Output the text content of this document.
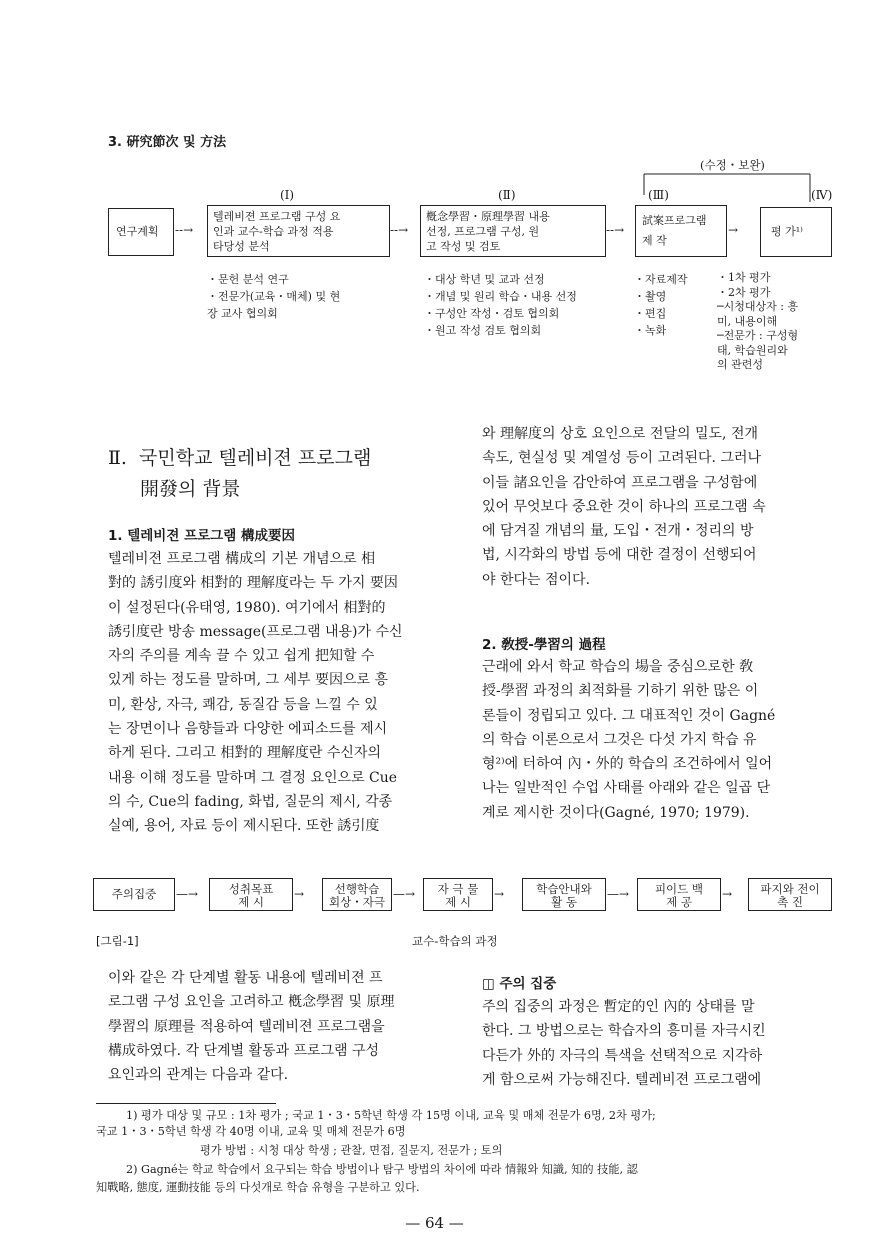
3. 硏究節次 및 方法
(수정・보완)
연구계획	--→
(Ⅰ)
텔레비젼 프로그램 구성 요
인과 교수-학습 과정 적용
타당성 분석
--→
(Ⅱ)
槪念學習・原理學習 내용
선정, 프로그램 구성, 원
고 작성 및 검토
--→
(Ⅲ)
試案프로그램
제 작
→
(Ⅳ)
평 가¹⁾
・문헌 분석 연구
・전문가(교육・매체) 및 현
장 교사 협의회
・대상 학년 및 교과 선정
・개념 및 원리 학습・내용 선정
・구성안 작성・검토 협의회
・원고 작성 검토 협의회
・자료제작
・촬영
・편집
・녹화
・1차 평가
・2차 평가
─시청대상자 : 흥
미, 내용이해
─전문가 : 구성형
태, 학습원리와
의 관련성
Ⅱ. 국민학교 텔레비젼 프로그램
開發의 背景
1. 텔레비젼 프로그램 構成要因
텔레비젼 프로그램 構成의 기본 개념으로 相
對的 誘引度와 相對的 理解度라는 두 가지 要因
이 설정된다(유태영, 1980). 여기에서 相對的
誘引度란 방송 message(프로그램 내용)가 수신
자의 주의를 계속 끌 수 있고 쉽게 把知할 수
있게 하는 정도를 말하며, 그 세부 要因으로 흥
미, 환상, 자극, 쾌감, 동질감 등을 느낄 수 있
는 장면이나 음향들과 다양한 에피소드를 제시
하게 된다. 그리고 相對的 理解度란 수신자의
내용 이해 정도를 말하며 그 결정 요인으로 Cue
의 수, Cue의 fading, 화법, 질문의 제시, 각종
실예, 용어, 자료 등이 제시된다. 또한 誘引度
와 理解度의 상호 요인으로 전달의 밀도, 전개
속도, 현실성 및 계열성 등이 고려된다. 그러나
이들 諸요인을 감안하여 프로그램을 구성함에
있어 무엇보다 중요한 것이 하나의 프로그램 속
에 담겨질 개념의 量, 도입・전개・정리의 방
법, 시각화의 방법 등에 대한 결정이 선행되어
야 한다는 점이다.
2. 敎授-學習의 過程
근래에 와서 학교 학습의 場을 중심으로한 敎
授-學習 과정의 최적화를 기하기 위한 많은 이
론들이 정립되고 있다. 그 대표적인 것이 Gagné
의 학습 이론으로서 그것은 다섯 가지 학습 유
형²⁾에 터하여 內・外的 학습의 조건하에서 일어
나는 일반적인 수업 사태를 아래와 같은 일곱 단
계로 제시한 것이다(Gagné, 1970; 1979).
주의집중	—→	성취목표
제 시
→	선행학습
회상・자극
—→	자 극 물
제 시
→	학습안내와
활 동
—→	피이드 백
제 공
→	파지와 전이
촉 진
[그림-1]	교수-학습의 과정
이와 같은 각 단계별 활동 내용에 텔레비젼 프
로그램 구성 요인을 고려하고 槪念學習 및 原理
學習의 原理를 적용하여 텔레비젼 프로그램을
構成하였다. 각 단계별 활동과 프로그램 구성
요인과의 관계는 다음과 같다.
◫ 주의 집중
주의 집중의 과정은 暫定的인 內的 상태를 말
한다. 그 방법으로는 학습자의 흥미를 자극시킨
다든가 外的 자극의 특색을 선택적으로 지각하
게 함으로써 가능해진다. 텔레비젼 프로그램에
1) 평가 대상 및 규모 : 1차 평가 ; 국교 1・3・5학년 학생 각 15명 이내, 교육 및 매체 전문가 6명, 2차 평가;
국교 1・3・5학년 학생 각 40명 이내, 교육 및 매체 전문가 6명
평가 방법 : 시청 대상 학생 ; 관찰, 면접, 질문지, 전문가 ; 토의
2) Gagné는 학교 학습에서 요구되는 학습 방법이나 탐구 방법의 차이에 따라 情報와 知識, 知的 技能, 認
知戰略, 態度, 運動技能 등의 다섯개로 학습 유형을 구분하고 있다.
— 64 —
